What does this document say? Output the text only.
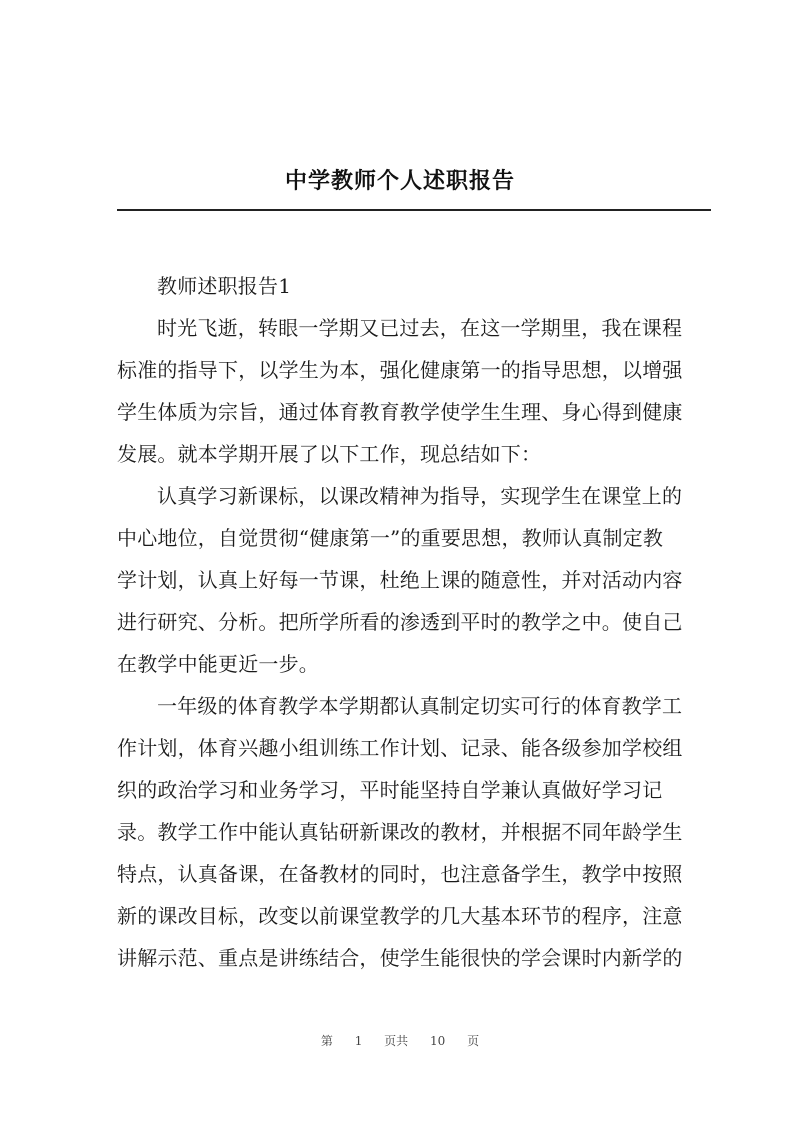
中学教师个人述职报告
教师述职报告1
时光飞逝，转眼一学期又已过去，在这一学期里，我在课程
标准的指导下，以学生为本，强化健康第一的指导思想，以增强
学生体质为宗旨，通过体育教育教学使学生生理、身心得到健康
发展。就本学期开展了以下工作，现总结如下：
认真学习新课标，以课改精神为指导，实现学生在课堂上的
中心地位，自觉贯彻“健康第一”的重要思想，教师认真制定教
学计划，认真上好每一节课，杜绝上课的随意性，并对活动内容
进行研究、分析。把所学所看的渗透到平时的教学之中。使自己
在教学中能更近一步。
一年级的体育教学本学期都认真制定切实可行的体育教学工
作计划，体育兴趣小组训练工作计划、记录、能各级参加学校组
织的政治学习和业务学习，平时能坚持自学兼认真做好学习记
录。教学工作中能认真钻研新课改的教材，并根据不同年龄学生
特点，认真备课，在备教材的同时，也注意备学生，教学中按照
新的课改目标，改变以前课堂教学的几大基本环节的程序，注意
讲解示范、重点是讲练结合，使学生能很快的学会课时内新学的
第 1 页共 10 页
